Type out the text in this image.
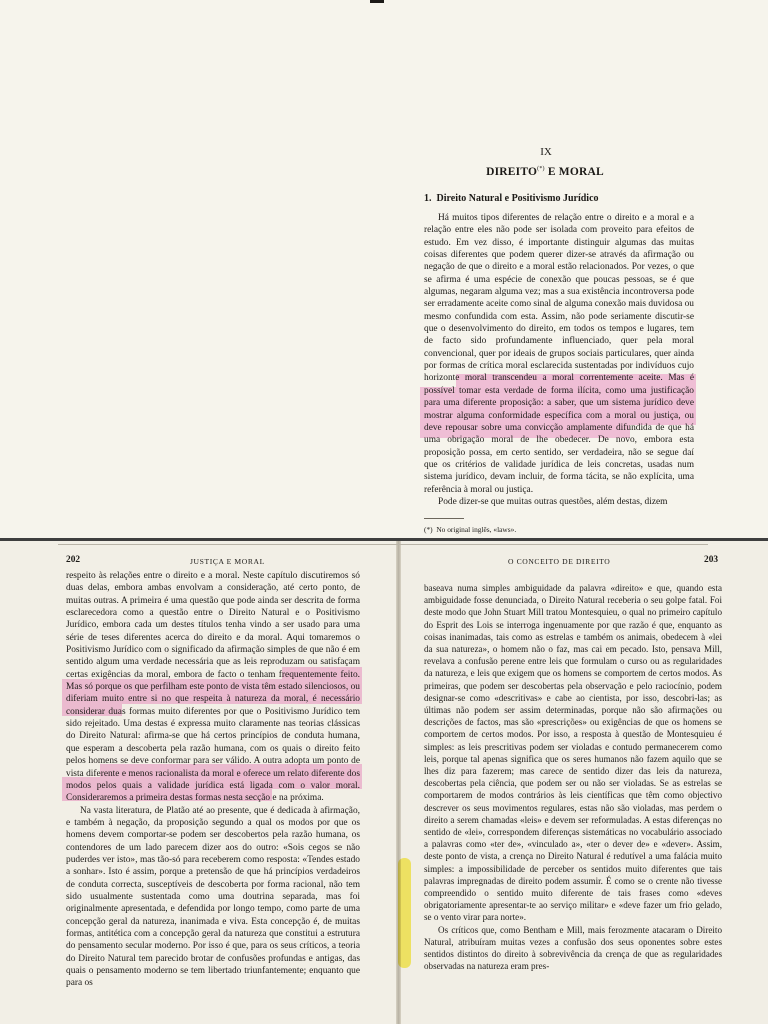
IX
DIREITO(*) E MORAL
1.  Direito Natural e Positivismo Jurídico

Há muitos tipos diferentes de relação entre o direito e a moral e a relação entre eles não pode ser isolada com proveito para efeitos de estudo. Em vez disso, é importante distinguir algumas das muitas coisas diferentes que podem querer dizer-se através da afirmação ou negação de que o direito e a moral estão relacionados. Por vezes, o que se afirma é uma espécie de conexão que poucas pessoas, se é que algumas, negaram alguma vez; mas a sua existência incontroversa pode ser erradamente aceite como sinal de alguma conexão mais duvidosa ou mesmo confundida com esta. Assim, não pode seriamente discutir-se que o desenvolvimento do direito, em todos os tempos e lugares, tem de facto sido profundamente influenciado, quer pela moral convencional, quer por ideais de grupos sociais particulares, quer ainda por formas de crítica moral esclarecida sustentadas por indivíduos cujo horizonte moral transcendeu a moral correntemente aceite. Mas é possível tomar esta verdade de forma ilícita, como uma justificação para uma diferente proposição: a saber, que um sistema jurídico deve mostrar alguma conformidade específica com a moral ou justiça, ou deve repousar sobre uma convicção amplamente difundida de que há uma obrigação moral de lhe obedecer. De novo, embora esta proposição possa, em certo sentido, ser verdadeira, não se segue daí que os critérios de validade jurídica de leis concretas, usadas num sistema jurídico, devam incluir, de forma tácita, se não explícita, uma referência à moral ou justiça.

Pode dizer-se que muitas outras questões, além destas, dizem

(*)  No original inglês, «laws».
202	JUSTIÇA E MORAL	O CONCEITO DE DIREITO	203

respeito às relações entre o direito e a moral. Neste capítulo discutiremos só duas delas, embora ambas envolvam a consideração, até certo ponto, de muitas outras. A primeira é uma questão que pode ainda ser descrita de forma esclarecedora como a questão entre o Direito Natural e o Positivismo Jurídico, embora cada um destes títulos tenha vindo a ser usado para uma série de teses diferentes acerca do direito e da moral. Aqui tomaremos o Positivismo Jurídico com o significado da afirmação simples de que não é em sentido algum uma verdade necessária que as leis reproduzam ou satisfaçam certas exigências da moral, embora de facto o tenham frequentemente feito. Mas só porque os que perfilham este ponto de vista têm estado silenciosos, ou diferiam muito entre si no que respeita à natureza da moral, é necessário considerar duas formas muito diferentes por que o Positivismo Jurídico tem sido rejeitado. Uma destas é expressa muito claramente nas teorias clássicas do Direito Natural: afirma-se que há certos princípios de conduta humana, que esperam a descoberta pela razão humana, com os quais o direito feito pelos homens se deve conformar para ser válido. A outra adopta um ponto de vista diferente e menos racionalista da moral e oferece um relato diferente dos modos pelos quais a validade jurídica está ligada com o valor moral. Consideraremos a primeira destas formas nesta secção e na próxima.

Na vasta literatura, de Platão até ao presente, que é dedicada à afirmação, e também à negação, da proposição segundo a qual os modos por que os homens devem comportar-se podem ser descobertos pela razão humana, os contendores de um lado parecem dizer aos do outro: «Sois cegos se não puderdes ver isto», mas tão-só para receberem como resposta: «Tendes estado a sonhar». Isto é assim, porque a pretensão de que há princípios verdadeiros de conduta correcta, susceptíveis de descoberta por forma racional, não tem sido usualmente sustentada como uma doutrina separada, mas foi originalmente apresentada, e defendida por longo tempo, como parte de uma concepção geral da natureza, inanimada e viva. Esta concepção é, de muitas formas, antitética com a concepção geral da natureza que constitui a estrutura do pensamento secular moderno. Por isso é que, para os seus críticos, a teoria do Direito Natural tem parecido brotar de confusões profundas e antigas, das quais o pensamento moderno se tem libertado triunfantemente; enquanto que para os

baseava numa simples ambiguidade da palavra «direito» e que, quando esta ambiguidade fosse denunciada, o Direito Natural receberia o seu golpe fatal. Foi deste modo que John Stuart Mill tratou Montesquieu, o qual no primeiro capítulo do Esprit des Lois se interroga ingenuamente por que razão é que, enquanto as coisas inanimadas, tais como as estrelas e também os animais, obedecem à «lei da sua natureza», o homem não o faz, mas cai em pecado. Isto, pensava Mill, revelava a confusão perene entre leis que formulam o curso ou as regularidades da natureza, e leis que exigem que os homens se comportem de certos modos. As primeiras, que podem ser descobertas pela observação e pelo raciocínio, podem designar-se como «descritivas» e cabe ao cientista, por isso, descobri-las; as últimas não podem ser assim determinadas, porque não são afirmações ou descrições de factos, mas são «prescrições» ou exigências de que os homens se comportem de certos modos. Por isso, a resposta à questão de Montesquieu é simples: as leis prescritivas podem ser violadas e contudo permanecerem como leis, porque tal apenas significa que os seres humanos não fazem aquilo que se lhes diz para fazerem; mas carece de sentido dizer das leis da natureza, descobertas pela ciência, que podem ser ou não ser violadas. Se as estrelas se comportarem de modos contrários às leis científicas que têm como objectivo descrever os seus movimentos regulares, estas não são violadas, mas perdem o direito a serem chamadas «leis» e devem ser reformuladas. A estas diferenças no sentido de «lei», correspondem diferenças sistemáticas no vocabulário associado a palavras como «ter de», «vinculado a», «ter o dever de» e «dever». Assim, deste ponto de vista, a crença no Direito Natural é redutível a uma falácia muito simples: a impossibilidade de perceber os sentidos muito diferentes que tais palavras impregnadas de direito podem assumir. É como se o crente não tivesse compreendido o sentido muito diferente de tais frases como «deves obrigatoriamente apresentar-te ao serviço militar» e «deve fazer um frio gelado, se o vento virar para norte».

Os críticos que, como Bentham e Mill, mais ferozmente atacaram o Direito Natural, atribuíram muitas vezes a confusão dos seus oponentes sobre estes sentidos distintos do direito à sobrevivência da crença de que as regularidades observadas na natureza eram pres-
